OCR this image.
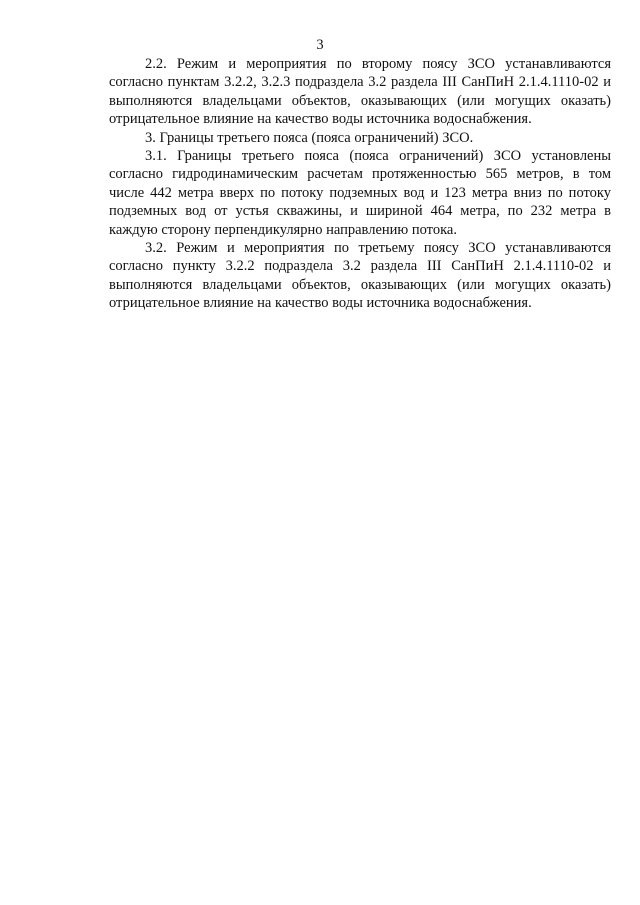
3

2.2. Режим и мероприятия по второму поясу ЗСО устанавливаются согласно пунктам 3.2.2, 3.2.3 подраздела 3.2 раздела III СанПиН 2.1.4.1110-02 и выполняются владельцами объектов, оказывающих (или могущих оказать) отрицательное влияние на качество воды источника водоснабжения.

3. Границы третьего пояса (пояса ограничений) ЗСО.

3.1. Границы третьего пояса (пояса ограничений) ЗСО установлены согласно гидродинамическим расчетам протяженностью 565 метров, в том числе 442 метра вверх по потоку подземных вод и 123 метра вниз по потоку подземных вод от устья скважины, и шириной 464 метра, по 232 метра в каждую сторону перпендикулярно направлению потока.

3.2. Режим и мероприятия по третьему поясу ЗСО устанавливаются согласно пункту 3.2.2 подраздела 3.2 раздела III СанПиН 2.1.4.1110-02 и выполняются владельцами объектов, оказывающих (или могущих оказать) отрицательное влияние на качество воды источника водоснабжения.
